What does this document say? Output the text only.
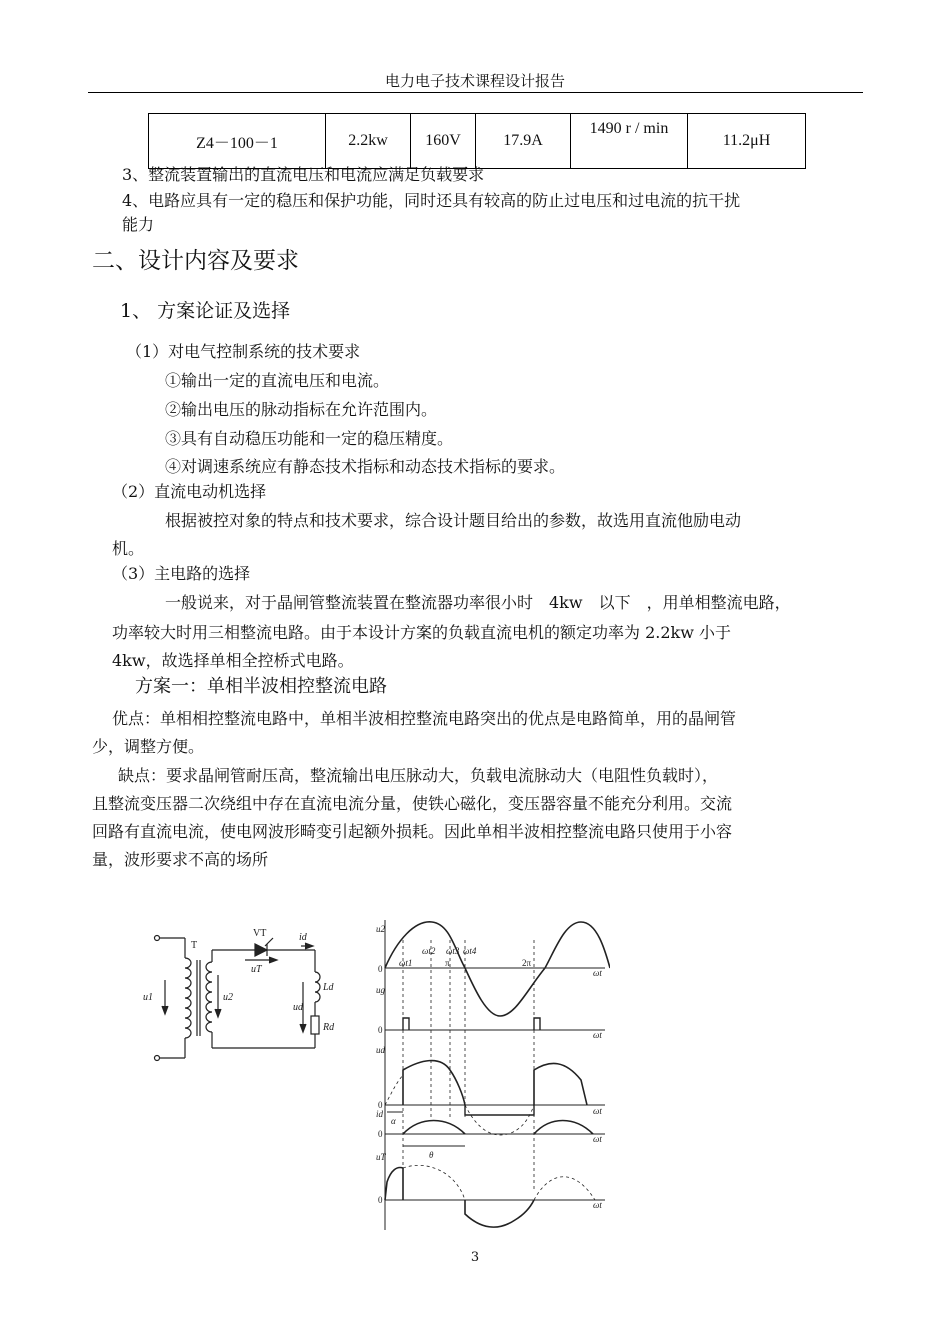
电力电子技术课程设计报告
Z4－100－1	2.2kw	160V	17.9A	1490 r / min	11.2μH
3、整流装置输出的直流电压和电流应满足负载要求
4、电路应具有一定的稳压和保护功能，同时还具有较高的防止过电压和过电流的抗干扰
能力
二、设计内容及要求
1、 方案论证及选择
（1）对电气控制系统的技术要求
①输出一定的直流电压和电流。
②输出电压的脉动指标在允许范围内。
③具有自动稳压功能和一定的稳压精度。
④对调速系统应有静态技术指标和动态技术指标的要求。
（2）直流电动机选择
根据被控对象的特点和技术要求，综合设计题目给出的参数，故选用直流他励电动
机。
（3）主电路的选择
一般说来，对于晶闸管整流装置在整流器功率很小时　4kw　以下　，用单相整流电路，
功率较大时用三相整流电路。由于本设计方案的负载直流电机的额定功率为 2.2kw 小于
4kw，故选择单相全控桥式电路。
方案一：单相半波相控整流电路
优点：单相相控整流电路中，单相半波相控整流电路突出的优点是电路简单，用的晶闸管
少，调整方便。
缺点：要求晶闸管耐压高，整流输出电压脉动大，负载电流脉动大（电阻性负载时），
且整流变压器二次绕组中存在直流电流分量，使铁心磁化，变压器容量不能充分利用。交流
回路有直流电流，使电网波形畸变引起额外损耗。因此单相半波相控整流电路只使用于小容
量，波形要求不高的场所
u1
T
VT
u2
uT
id
Ld
ud
Rd
u2
ug
ud
id
uT
ωt
ωt
ωt
ωt
ωt
ωt1
ωt2 ωt3 ωt4
π	2π
α
θ
0
0
0
0
0
3
